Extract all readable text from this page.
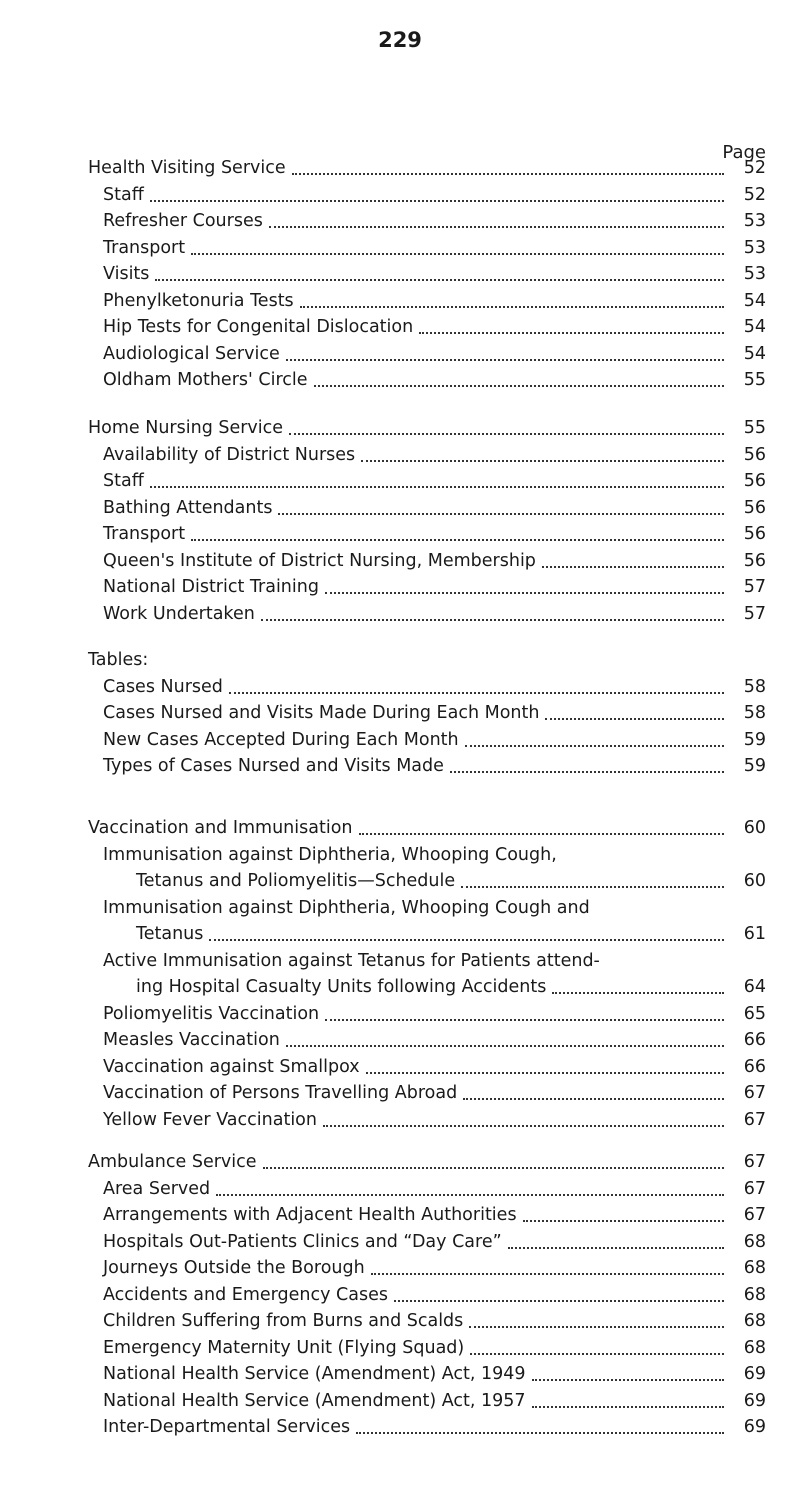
229
Page
Health Visiting Service	52
Staff	52
Refresher Courses	53
Transport	53
Visits	53
Phenylketonuria Tests	54
Hip Tests for Congenital Dislocation	54
Audiological Service	54
Oldham Mothers' Circle	55
Home Nursing Service	55
Availability of District Nurses	56
Staff	56
Bathing Attendants	56
Transport	56
Queen's Institute of District Nursing, Membership	56
National District Training	57
Work Undertaken	57
Tables:
Cases Nursed	58
Cases Nursed and Visits Made During Each Month	58
New Cases Accepted During Each Month	59
Types of Cases Nursed and Visits Made	59
Vaccination and Immunisation	60
Immunisation against Diphtheria, Whooping Cough,
Tetanus and Poliomyelitis—Schedule	60
Immunisation against Diphtheria, Whooping Cough and
Tetanus	61
Active Immunisation against Tetanus for Patients attend-
ing Hospital Casualty Units following Accidents	64
Poliomyelitis Vaccination	65
Measles Vaccination	66
Vaccination against Smallpox	66
Vaccination of Persons Travelling Abroad	67
Yellow Fever Vaccination	67
Ambulance Service	67
Area Served	67
Arrangements with Adjacent Health Authorities	67
Hospitals Out-Patients Clinics and “Day Care”	68
Journeys Outside the Borough	68
Accidents and Emergency Cases	68
Children Suffering from Burns and Scalds	68
Emergency Maternity Unit (Flying Squad)	68
National Health Service (Amendment) Act, 1949	69
National Health Service (Amendment) Act, 1957	69
Inter-Departmental Services	69
